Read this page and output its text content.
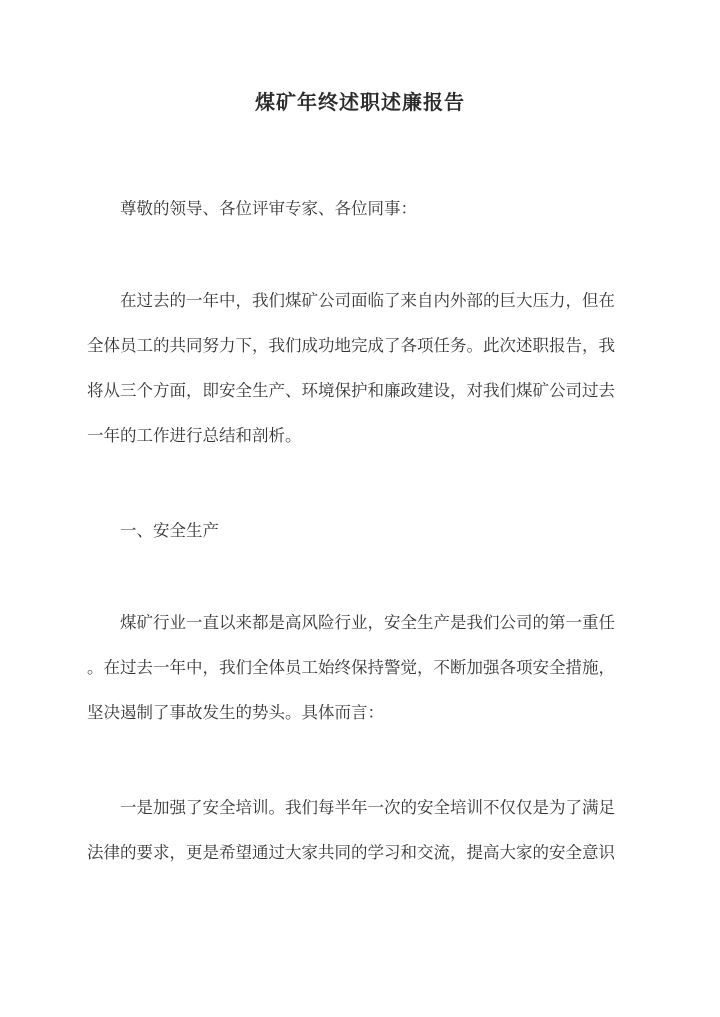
煤矿年终述职述廉报告
尊敬的领导、各位评审专家、各位同事：
在过去的一年中，我们煤矿公司面临了来自内外部的巨大压力，但在
全体员工的共同努力下，我们成功地完成了各项任务。此次述职报告，我
将从三个方面，即安全生产、环境保护和廉政建设，对我们煤矿公司过去
一年的工作进行总结和剖析。
一、安全生产
煤矿行业一直以来都是高风险行业，安全生产是我们公司的第一重任
。在过去一年中，我们全体员工始终保持警觉，不断加强各项安全措施，
坚决遏制了事故发生的势头。具体而言：
一是加强了安全培训。我们每半年一次的安全培训不仅仅是为了满足
法律的要求，更是希望通过大家共同的学习和交流，提高大家的安全意识
